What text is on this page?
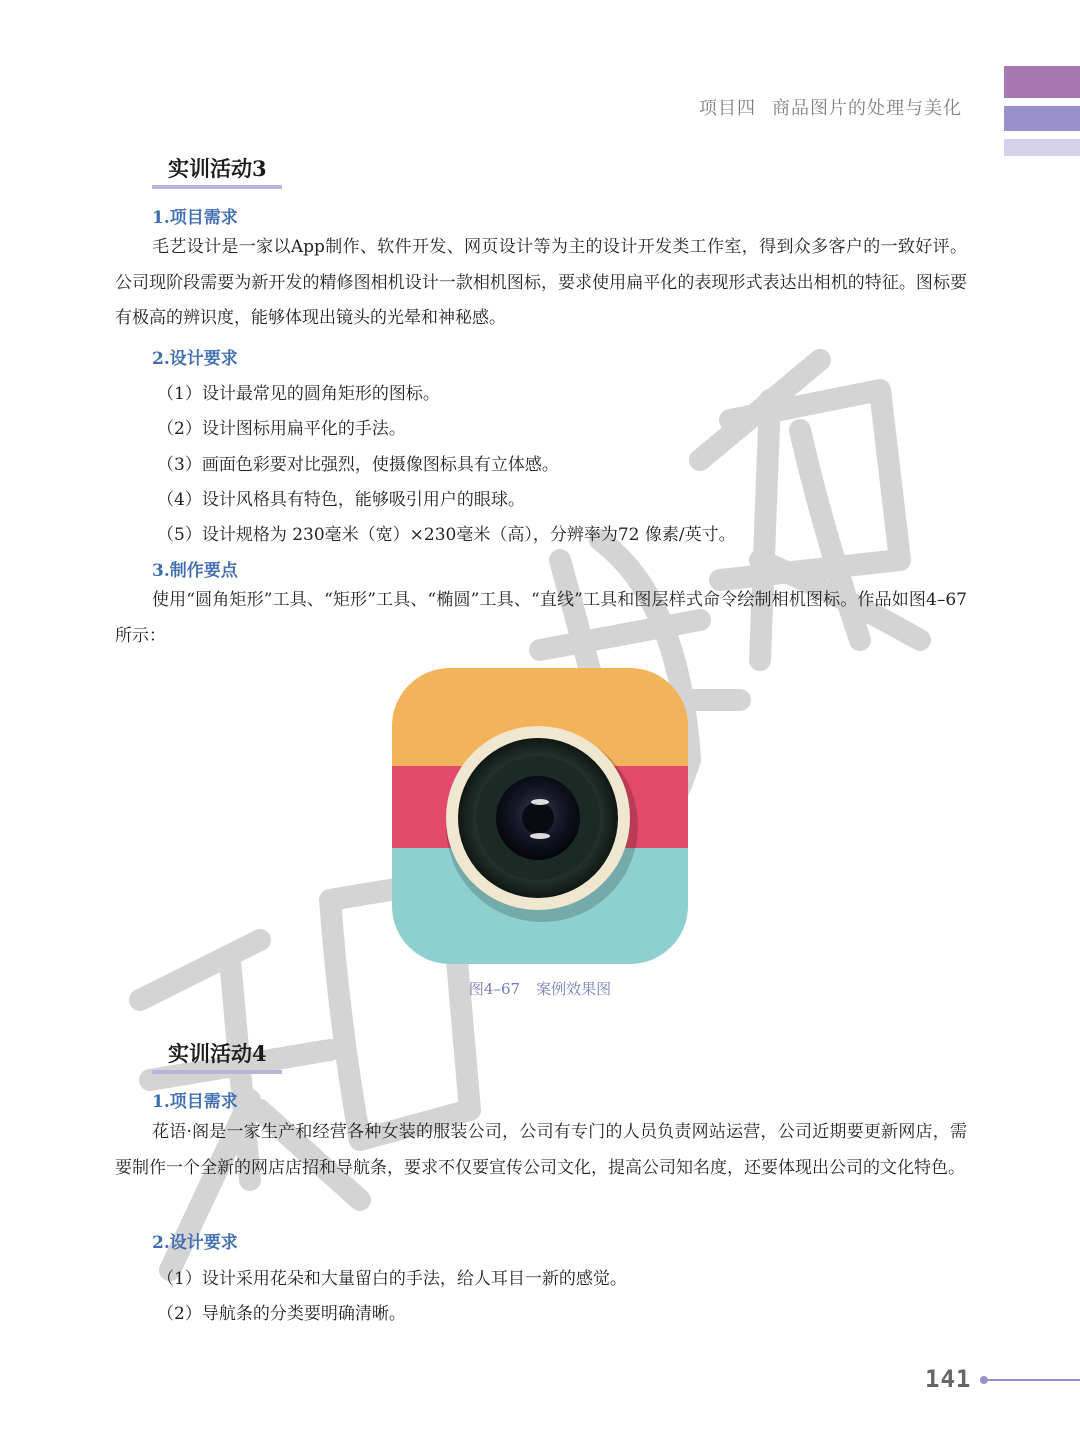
项目四 商品图片的处理与美化
实训活动3
1.项目需求

毛艺设计是一家以App制作、软件开发、网页设计等为主的设计开发类工作室，得到众多客户的一致好评。公司现阶段需要为新开发的精修图相机设计一款相机图标，要求使用扁平化的表现形式表达出相机的特征。图标要有极高的辨识度，能够体现出镜头的光晕和神秘感。

2.设计要求
（1）设计最常见的圆角矩形的图标。
（2）设计图标用扁平化的手法。
（3）画面色彩要对比强烈，使摄像图标具有立体感。
（4）设计风格具有特色，能够吸引用户的眼球。
（5）设计规格为 230毫米（宽）×230毫米（高），分辨率为72 像素/英寸。
3.制作要点

使用“圆角矩形”工具、“矩形”工具、“椭圆”工具、“直线”工具和图层样式命令绘制相机图标。作品如图4–67所示：

图4–67 案例效果图
实训活动4
1.项目需求

花语·阁是一家生产和经营各种女装的服装公司，公司有专门的人员负责网站运营，公司近期要更新网店，需要制作一个全新的网店店招和导航条，要求不仅要宣传公司文化，提高公司知名度，还要体现出公司的文化特色。

2.设计要求
（1）设计采用花朵和大量留白的手法，给人耳目一新的感觉。
（2）导航条的分类要明确清晰。
141
